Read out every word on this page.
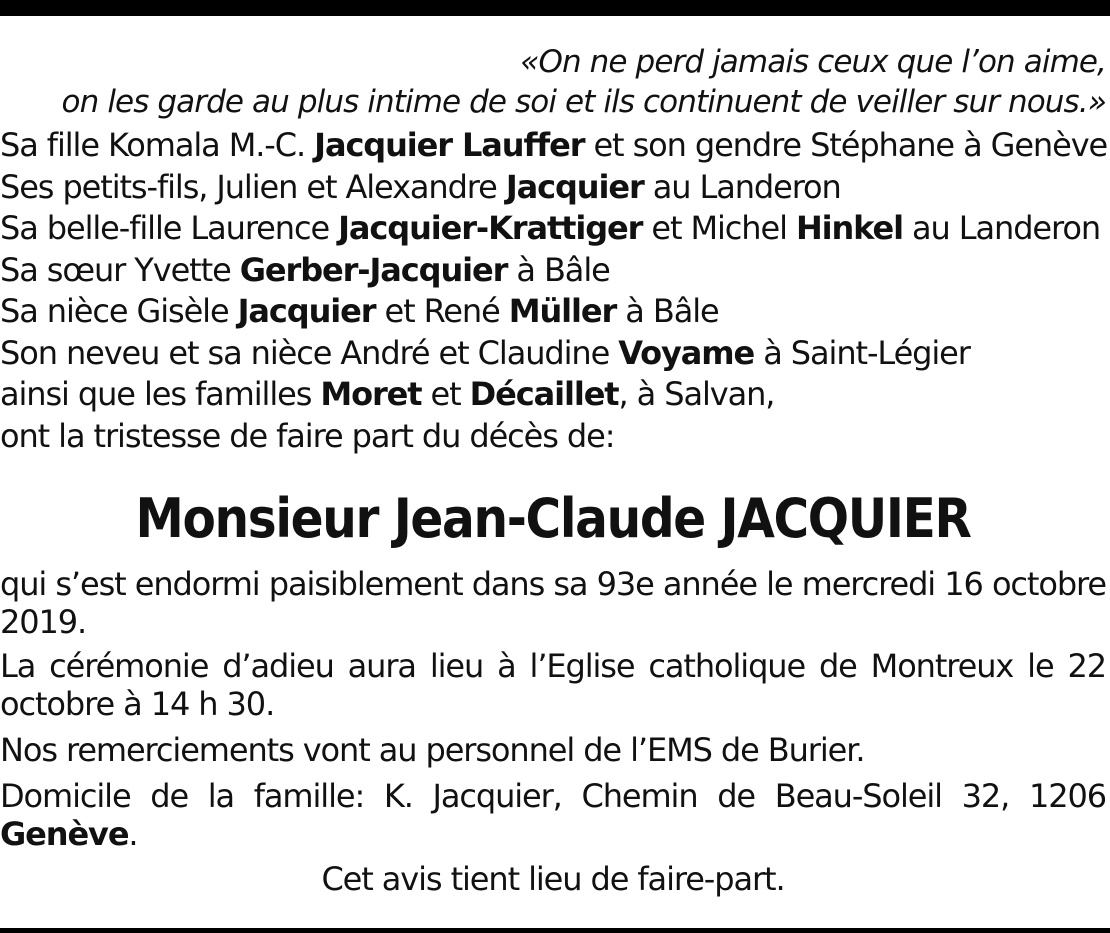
«On ne perd jamais ceux que l’on aime,
on les garde au plus intime de soi et ils continuent de veiller sur nous.»
Sa fille Komala M.-C. Jacquier Lauffer et son gendre Stéphane à Genève
Ses petits-fils, Julien et Alexandre Jacquier au Landeron
Sa belle-fille Laurence Jacquier-Krattiger et Michel Hinkel au Landeron
Sa sœur Yvette Gerber-Jacquier à Bâle
Sa nièce Gisèle Jacquier et René Müller à Bâle
Son neveu et sa nièce André et Claudine Voyame à Saint-Légier
ainsi que les familles Moret et Décaillet, à Salvan,
ont la tristesse de faire part du décès de:
Monsieur Jean-Claude JACQUIER

qui s’est endormi paisiblement dans sa 93e année le mercredi 16 octobre 2019.

La cérémonie d’adieu aura lieu à l’Eglise catholique de Montreux le 22 octobre à 14 h 30.

Nos remerciements vont au personnel de l’EMS de Burier.

Domicile de la famille: K. Jacquier, Chemin de Beau-Soleil 32, 1206 Genève.

Cet avis tient lieu de faire-part.
